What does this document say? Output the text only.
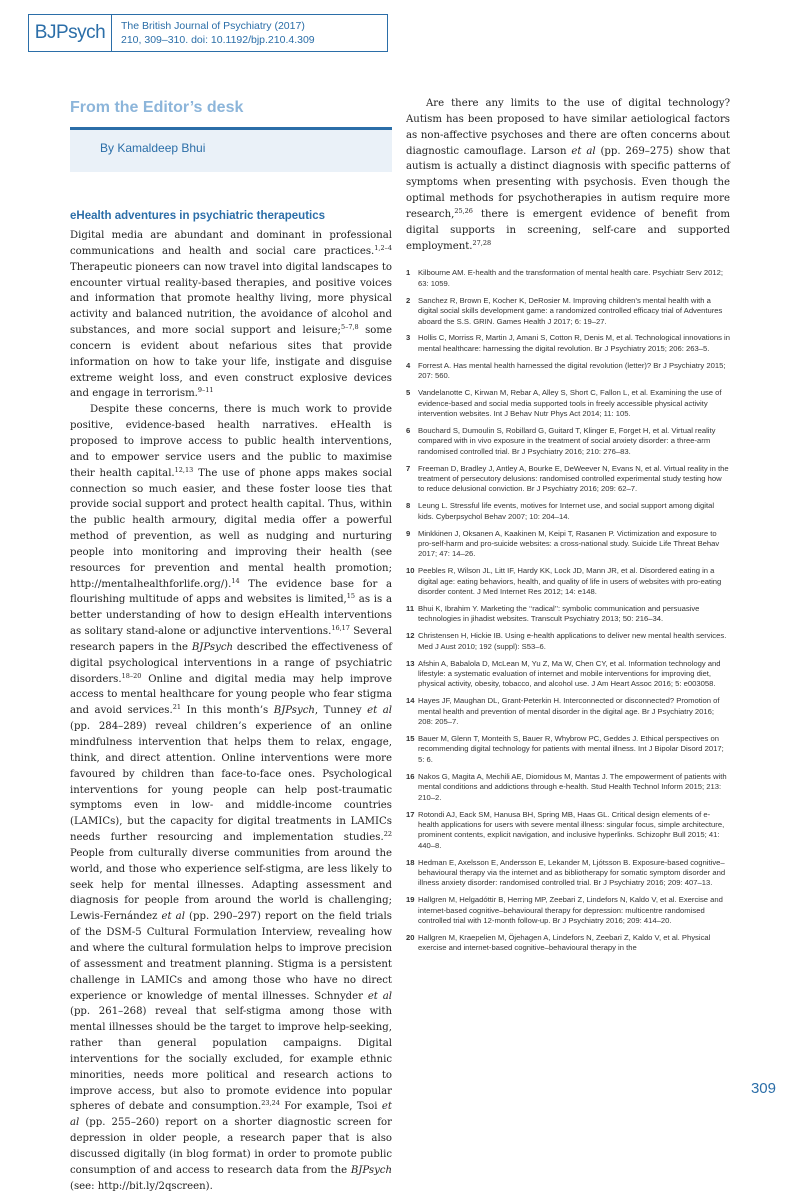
BJPsych	The British Journal of Psychiatry (2017)
210, 309–310. doi: 10.1192/bjp.210.4.309
From the Editor’s desk
By Kamaldeep Bhui
eHealth adventures in psychiatric therapeutics

Digital media are abundant and dominant in professional communications and health and social care practices.$^{1,2-4}$ Therapeutic pioneers can now travel into digital landscapes to encounter virtual reality-based therapies, and positive voices and information that promote healthy living, more physical activity and balanced nutrition, the avoidance of alcohol and substances, and more social support and leisure;$^{5-7,8}$ some concern is evident about nefarious sites that provide information on how to take your life, instigate and disguise extreme weight loss, and even construct explosive devices and engage in terrorism.$^{9-11}$

Despite these concerns, there is much work to provide positive, evidence-based health narratives. eHealth is proposed to improve access to public health interventions, and to empower service users and the public to maximise their health capital.$^{12,13}$ The use of phone apps makes social connection so much easier, and these foster loose ties that provide social support and protect health capital. Thus, within the public health armoury, digital media offer a powerful method of prevention, as well as nudging and nurturing people into monitoring and improving their health (see resources for prevention and mental health promotion; http://mentalhealthforlife.org/).$^{14}$ The evidence base for a flourishing multitude of apps and websites is limited,$^{15}$ as is a better understanding of how to design eHealth interventions as solitary stand-alone or adjunctive interventions.$^{16,17}$ Several research papers in the BJPsych described the effectiveness of digital psychological interventions in a range of psychiatric disorders.$^{18-20}$ Online and digital media may help improve access to mental healthcare for young people who fear stigma and avoid services.$^{21}$ In this month’s BJPsych, Tunney et al (pp. 284–289) reveal children’s experience of an online mindfulness intervention that helps them to relax, engage, think, and direct attention. Online interventions were more favoured by children than face-to-face ones. Psychological interventions for young people can help post-traumatic symptoms even in low- and middle-income countries (LAMICs), but the capacity for digital treatments in LAMICs needs further resourcing and implementation studies.$^{22}$ People from culturally diverse communities from around the world, and those who experience self-stigma, are less likely to seek help for mental illnesses. Adapting assessment and diagnosis for people from around the world is challenging; Lewis-Fernández et al (pp. 290–297) report on the field trials of the DSM-5 Cultural Formulation Interview, revealing how and where the cultural formulation helps to improve precision of assessment and treatment planning. Stigma is a persistent challenge in LAMICs and among those who have no direct experience or knowledge of mental illnesses. Schnyder et al (pp. 261–268) reveal that self-stigma among those with mental illnesses should be the target to improve help-seeking, rather than general population campaigns. Digital interventions for the socially excluded, for example ethnic minorities, needs more political and research actions to improve access, but also to promote evidence into popular spheres of debate and consumption.$^{23,24}$ For example, Tsoi et al (pp. 255–260) report on a shorter diagnostic screen for depression in older people, a research paper that is also discussed digitally (in blog format) in order to promote public consumption of and access to research data from the BJPsych (see: http://bit.ly/2qscreen).

Are there any limits to the use of digital technology? Autism has been proposed to have similar aetiological factors as non-affective psychoses and there are often concerns about diagnostic camouflage. Larson et al (pp. 269–275) show that autism is actually a distinct diagnosis with specific patterns of symptoms when presenting with psychosis. Even though the optimal methods for psychotherapies in autism require more research,$^{25,26}$ there is emergent evidence of benefit from digital supports in screening, self-care and supported employment.$^{27,28}$

1	Kilbourne AM. E-health and the transformation of mental health care. Psychiatr Serv 2012; 63: 1059.
2	Sanchez R, Brown E, Kocher K, DeRosier M. Improving children’s mental health with a digital social skills development game: a randomized controlled efficacy trial of Adventures aboard the S.S. GRIN. Games Health J 2017; 6: 19–27.
3	Hollis C, Morriss R, Martin J, Amani S, Cotton R, Denis M, et al. Technological innovations in mental healthcare: harnessing the digital revolution. Br J Psychiatry 2015; 206: 263–5.
4	Forrest A. Has mental health harnessed the digital revolution (letter)? Br J Psychiatry 2015; 207: 560.
5	Vandelanotte C, Kirwan M, Rebar A, Alley S, Short C, Fallon L, et al. Examining the use of evidence-based and social media supported tools in freely accessible physical activity intervention websites. Int J Behav Nutr Phys Act 2014; 11: 105.
6	Bouchard S, Dumoulin S, Robillard G, Guitard T, Klinger E, Forget H, et al. Virtual reality compared with in vivo exposure in the treatment of social anxiety disorder: a three-arm randomised controlled trial. Br J Psychiatry 2016; 210: 276–83.
7	Freeman D, Bradley J, Antley A, Bourke E, DeWeever N, Evans N, et al. Virtual reality in the treatment of persecutory delusions: randomised controlled experimental study testing how to reduce delusional conviction. Br J Psychiatry 2016; 209: 62–7.
8	Leung L. Stressful life events, motives for Internet use, and social support among digital kids. Cyberpsychol Behav 2007; 10: 204–14.
9	Minkkinen J, Oksanen A, Kaakinen M, Keipi T, Rasanen P. Victimization and exposure to pro-self-harm and pro-suicide websites: a cross-national study. Suicide Life Threat Behav 2017; 47: 14–26.
10 Peebles R, Wilson JL, Litt IF, Hardy KK, Lock JD, Mann JR, et al. Disordered eating in a digital age: eating behaviors, health, and quality of life in users of websites with pro-eating disorder content. J Med Internet Res 2012; 14: e148.
11 Bhui K, Ibrahim Y. Marketing the ‘‘radical’’: symbolic communication and persuasive technologies in jihadist websites. Transcult Psychiatry 2013; 50: 216–34.
12 Christensen H, Hickie IB. Using e-health applications to deliver new mental health services. Med J Aust 2010; 192 (suppl): S53–6.
13 Afshin A, Babalola D, McLean M, Yu Z, Ma W, Chen CY, et al. Information technology and lifestyle: a systematic evaluation of internet and mobile interventions for improving diet, physical activity, obesity, tobacco, and alcohol use. J Am Heart Assoc 2016; 5: e003058.
14 Hayes JF, Maughan DL, Grant-Peterkin H. Interconnected or disconnected? Promotion of mental health and prevention of mental disorder in the digital age. Br J Psychiatry 2016; 208: 205–7.
15 Bauer M, Glenn T, Monteith S, Bauer R, Whybrow PC, Geddes J. Ethical perspectives on recommending digital technology for patients with mental illness. Int J Bipolar Disord 2017; 5: 6.
16 Nakos G, Magita A, Mechili AE, Diomidous M, Mantas J. The empowerment of patients with mental conditions and addictions through e-health. Stud Health Technol Inform 2015; 213: 210–2.
17 Rotondi AJ, Eack SM, Hanusa BH, Spring MB, Haas GL. Critical design elements of e-health applications for users with severe mental illness: singular focus, simple architecture, prominent contents, explicit navigation, and inclusive hyperlinks. Schizophr Bull 2015; 41: 440–8.
18 Hedman E, Axelsson E, Andersson E, Lekander M, Ljótsson B. Exposure-based cognitive–behavioural therapy via the internet and as bibliotherapy for somatic symptom disorder and illness anxiety disorder: randomised controlled trial. Br J Psychiatry 2016; 209: 407–13.
19 Hallgren M, Helgadóttir B, Herring MP, Zeebari Z, Lindefors N, Kaldo V, et al. Exercise and internet-based cognitive–behavioural therapy for depression: multicentre randomised controlled trial with 12-month follow-up. Br J Psychiatry 2016; 209: 414–20.
20 Hallgren M, Kraepelien M, Öjehagen A, Lindefors N, Zeebari Z, Kaldo V, et al. Physical exercise and internet-based cognitive–behavioural therapy in the
309
